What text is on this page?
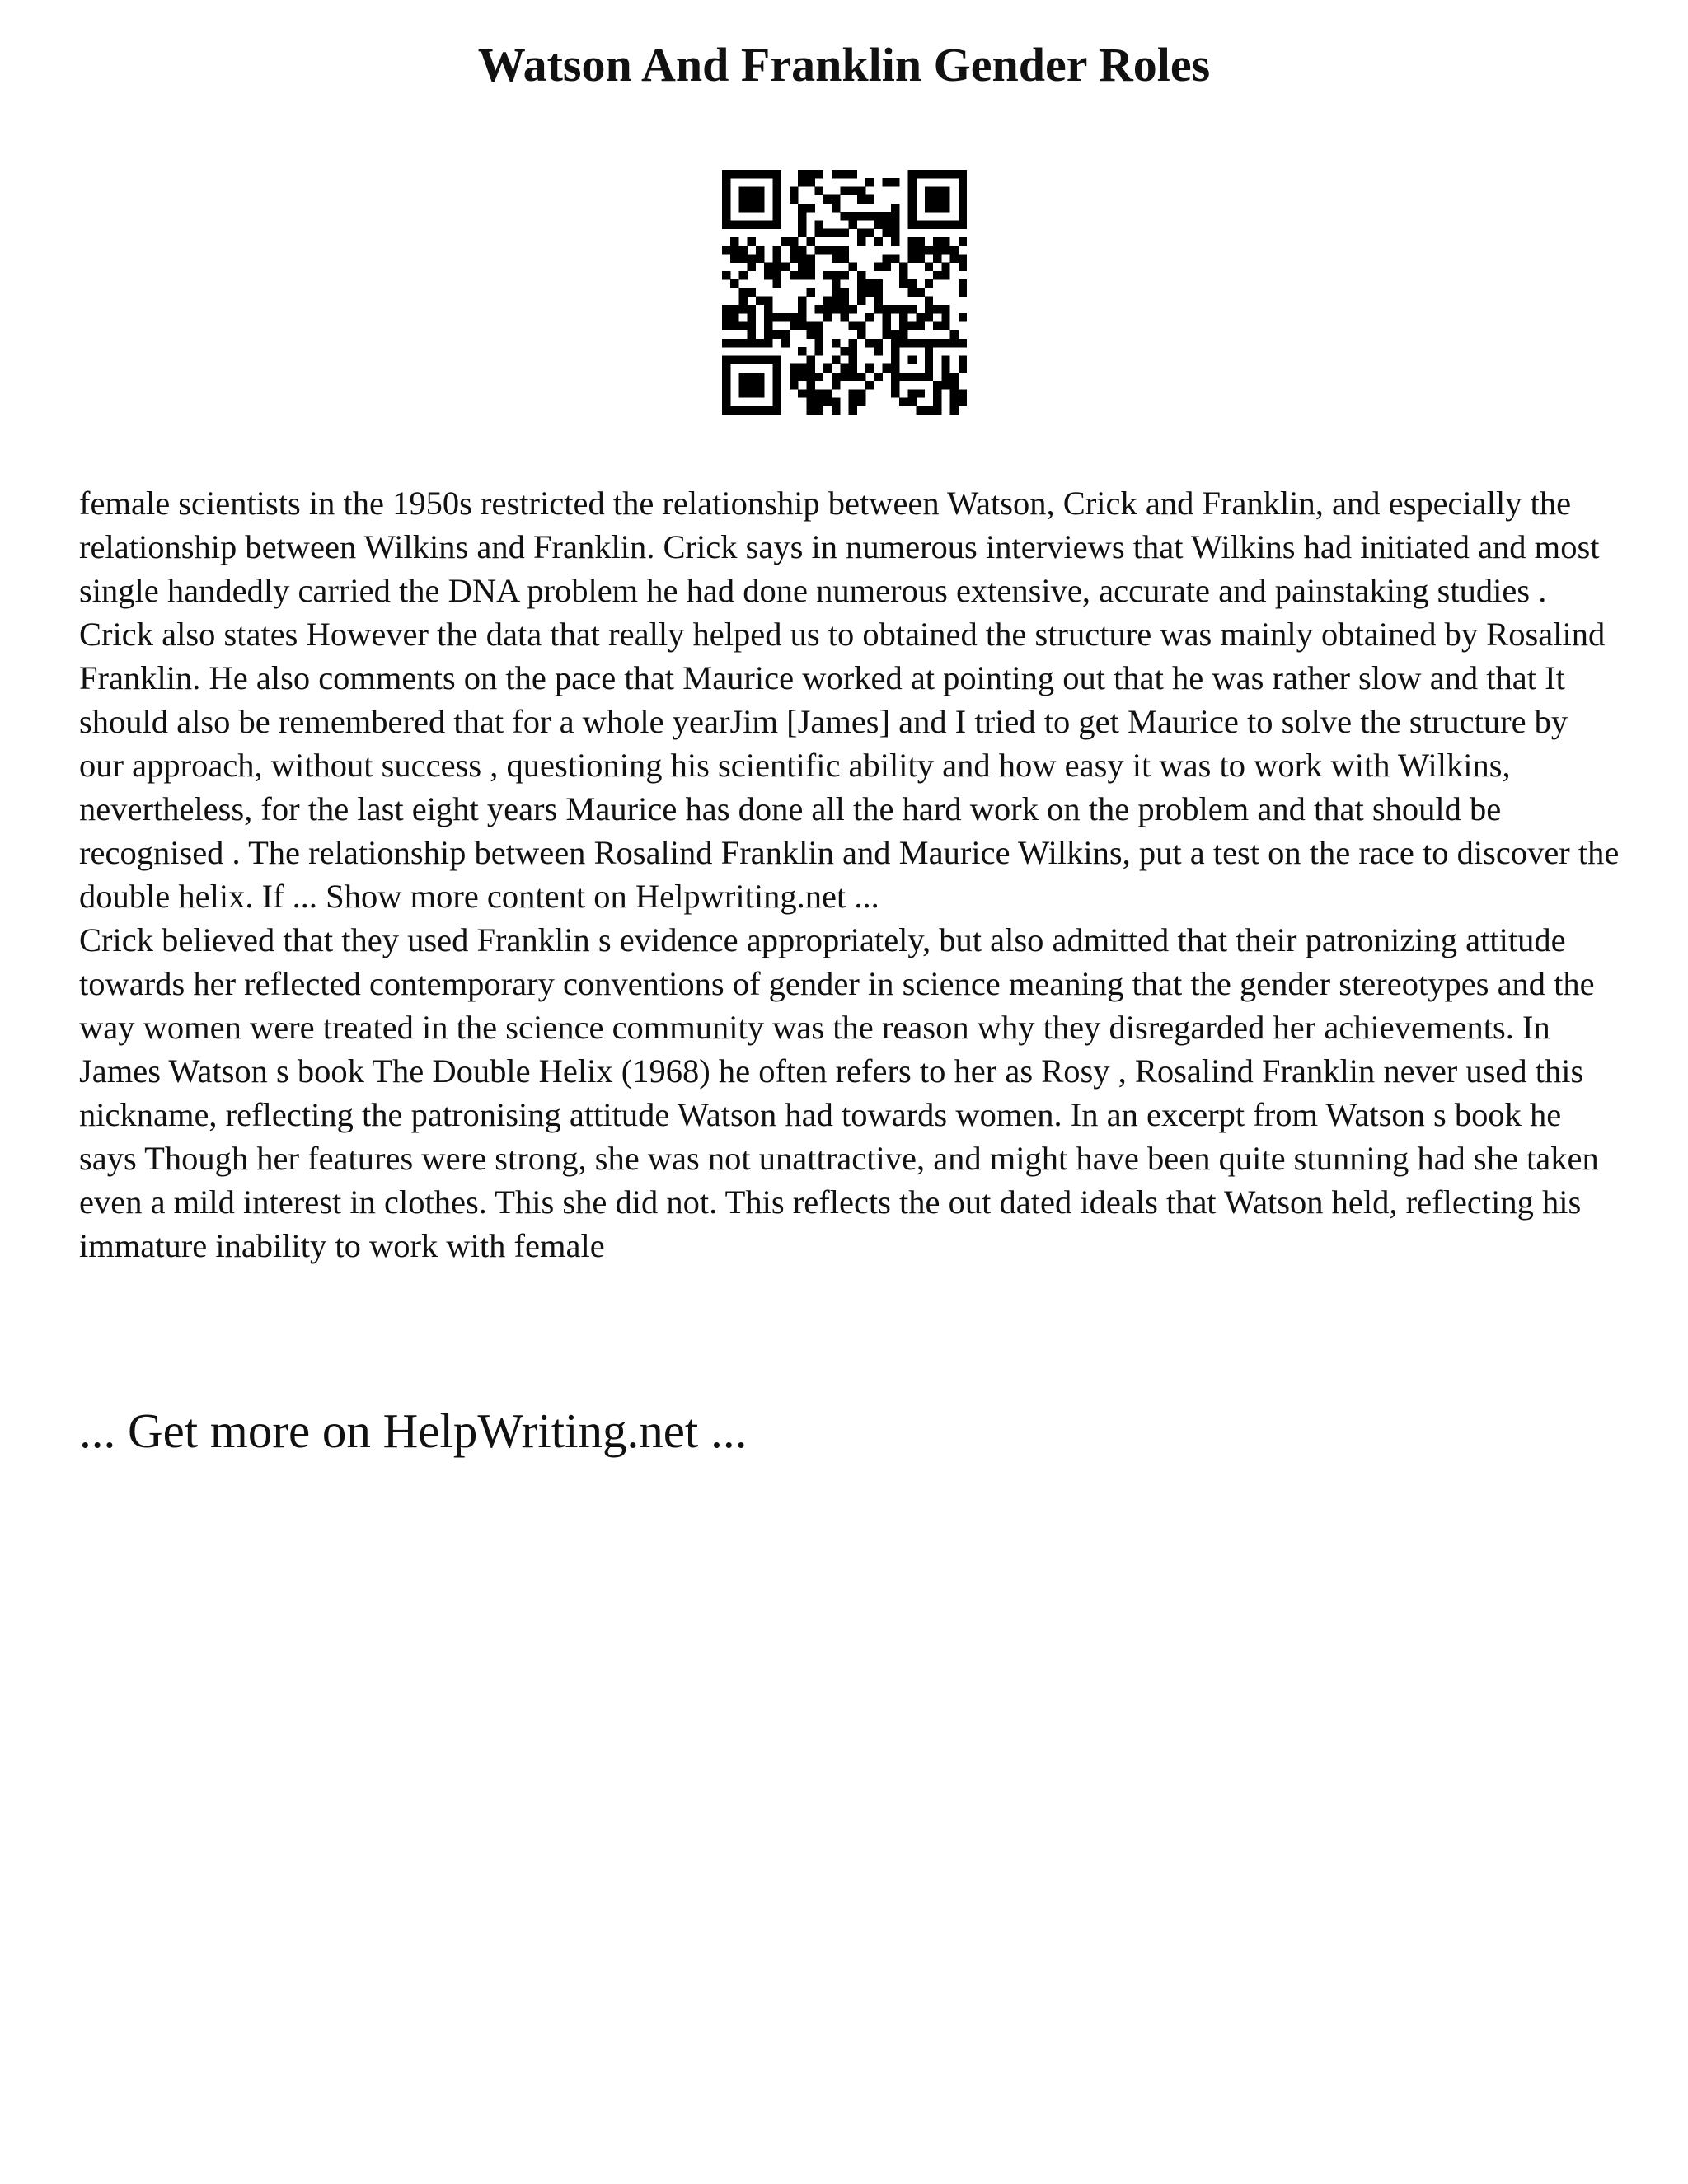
Watson And Franklin Gender Roles

female scientists in the 1950s restricted the relationship between Watson, Crick and Franklin, and especially the relationship between Wilkins and Franklin. Crick says in numerous interviews that Wilkins had initiated and most single handedly carried the DNA problem he had done numerous extensive, accurate and painstaking studies . Crick also states However the data that really helped us to obtained the structure was mainly obtained by Rosalind Franklin. He also comments on the pace that Maurice worked at pointing out that he was rather slow and that It should also be remembered that for a whole yearJim [James] and I tried to get Maurice to solve the structure by our approach, without success , questioning his scientific ability and how easy it was to work with Wilkins, nevertheless, for the last eight years Maurice has done all the hard work on the problem and that should be recognised . The relationship between Rosalind Franklin and Maurice Wilkins, put a test on the race to discover the double helix. If ... Show more content on Helpwriting.net ...

Crick believed that they used Franklin s evidence appropriately, but also admitted that their patronizing attitude towards her reflected contemporary conventions of gender in science meaning that the gender stereotypes and the way women were treated in the science community was the reason why they disregarded her achievements. In James Watson s book The Double Helix (1968) he often refers to her as Rosy , Rosalind Franklin never used this nickname, reflecting the patronising attitude Watson had towards women. In an excerpt from Watson s book he says Though her features were strong, she was not unattractive, and might have been quite stunning had she taken even a mild interest in clothes. This she did not. This reflects the out dated ideals that Watson held, reflecting his immature inability to work with female

... Get more on HelpWriting.net ...
